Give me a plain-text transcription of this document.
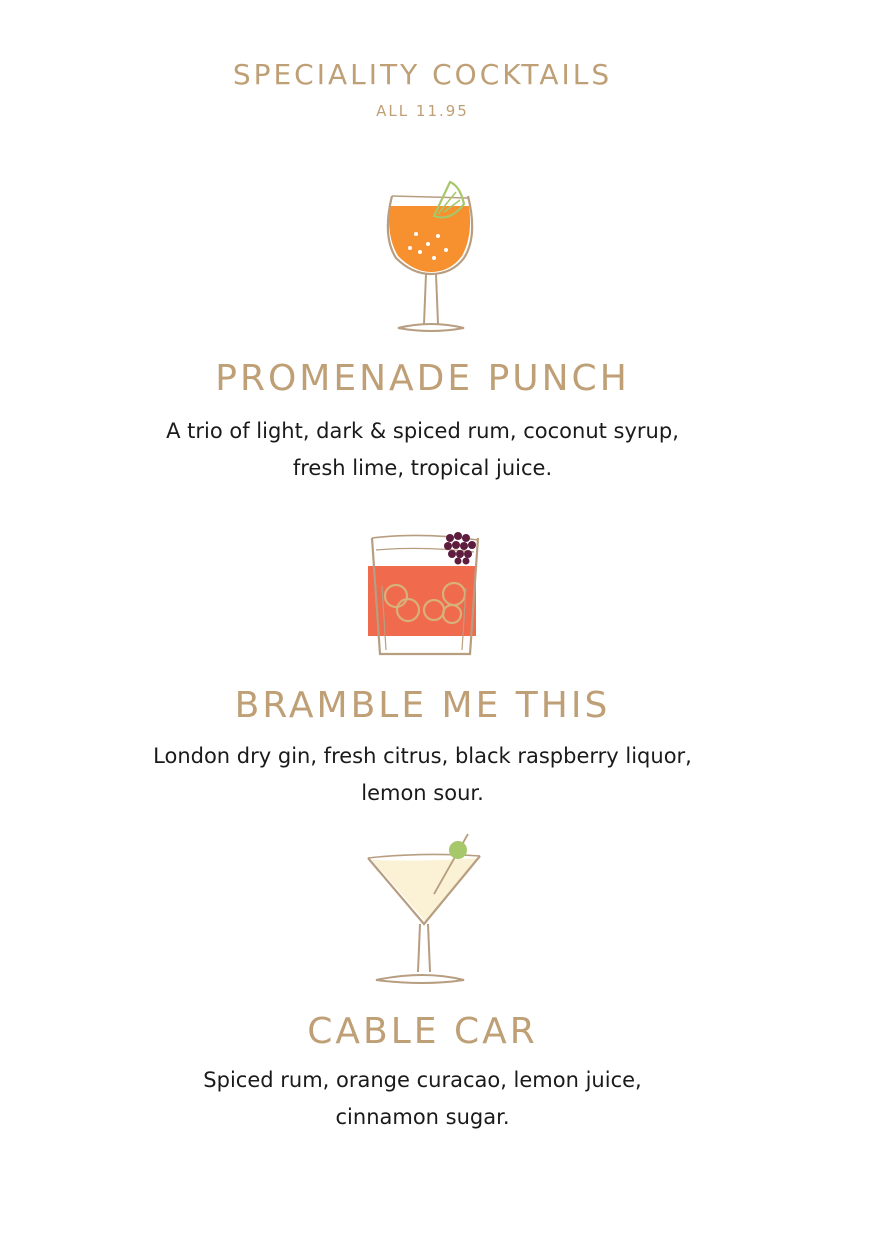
SPECIALITY COCKTAILS
ALL 11.95
PROMENADE PUNCH
A trio of light, dark & spiced rum, coconut syrup,
fresh lime, tropical juice.
BRAMBLE ME THIS
London dry gin, fresh citrus, black raspberry liquor,
lemon sour.
CABLE CAR
Spiced rum, orange curacao, lemon juice,
cinnamon sugar.
